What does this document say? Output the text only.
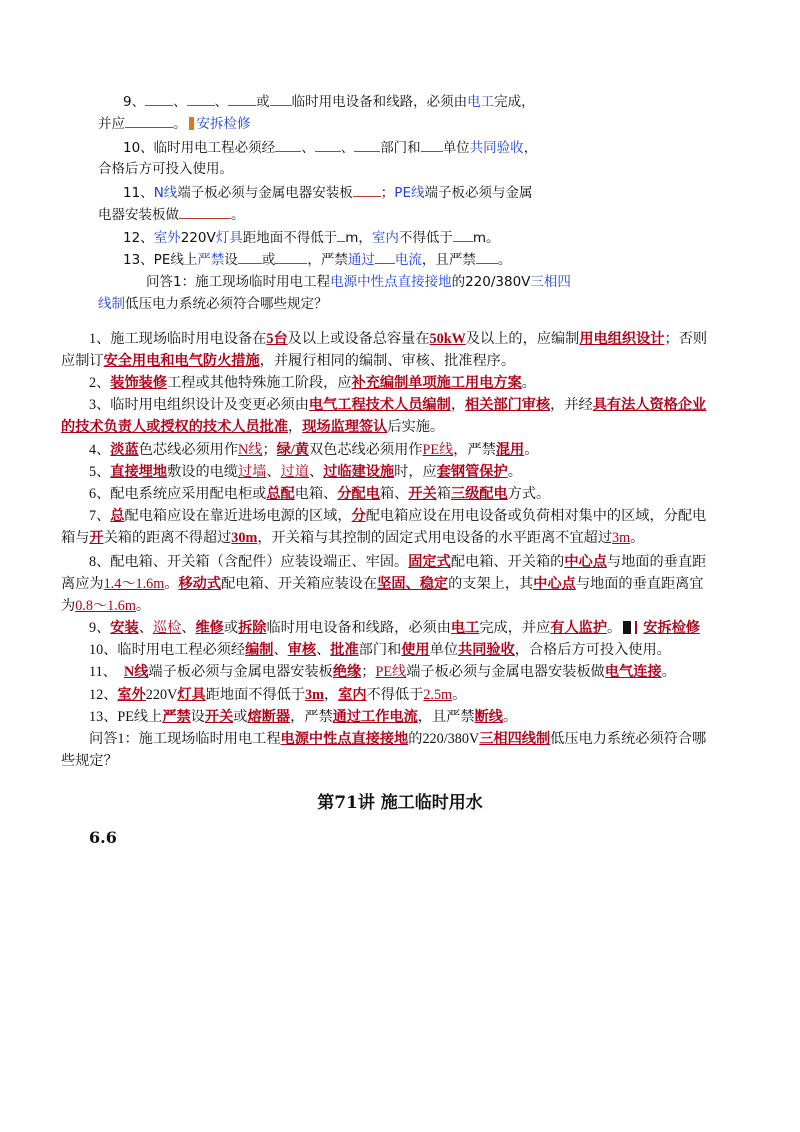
9、 、 、 或 临时用电设备和线路，必须由电工完成，
并应	。 安拆检修
10、临时用电工程必须经 、 、 部门和 单位共同验收，
合格后方可投入使用。
11、N线端子板必须与金属电器安装板 ；PE线端子板必须与金属
电器安装板做	。
12、室外220V灯具距地面不得低于 m，室内不得低于 m。
13、PE线上严禁设 或 ，严禁通过 电流，且严禁 。
问答1：施工现场临时用电工程电源中性点直接接地的220/380V三相四
线制低压电力系统必须符合哪些规定？
1、施工现场临时用电设备在5台及以上或设备总容量在50kW及以上的，应编制用电组织设计；否则
应制订安全用电和电气防火措施，并履行相同的编制、审核、批准程序。
2、装饰装修工程或其他特殊施工阶段，应补充编制单项施工用电方案。
3、临时用电组织设计及变更必须由电气工程技术人员编制，相关部门审核，并经具有法人资格企业
的技术负责人或授权的技术人员批准，现场监理签认后实施。
4、淡蓝色芯线必须用作N线；绿/黄双色芯线必须用作PE线，严禁混用。
5、直接埋地敷设的电缆过墙、过道、过临建设施时，应套钢管保护。
6、配电系统应采用配电柜或总配电箱、分配电箱、开关箱三级配电方式。
7、总配电箱应设在靠近进场电源的区域，分配电箱应设在用电设备或负荷相对集中的区域，分配电
箱与开关箱的距离不得超过30m，开关箱与其控制的固定式用电设备的水平距离不宜超过3m。
8、配电箱、开关箱（含配件）应装设端正、牢固。固定式配电箱、开关箱的中心点与地面的垂直距
离应为1.4～1.6m。移动式配电箱、开关箱应装设在坚固、稳定的支架上，其中心点与地面的垂直距离宜
为0.8～1.6m。
9、安装、巡检、维修或拆除临时用电设备和线路，必须由电工完成，并应有人监护。 安拆检修
10、临时用电工程必须经编制、审核、批准部门和使用单位共同验收，合格后方可投入使用。
11、  N线端子板必须与金属电器安装板绝缘；PE线端子板必须与金属电器安装板做电气连接。
12、室外220V灯具距地面不得低于3m，室内不得低于2.5m。
13、PE线上严禁设开关或熔断器，严禁通过工作电流，且严禁断线。
问答1：施工现场临时用电工程电源中性点直接接地的220/380V三相四线制低压电力系统必须符合哪
些规定？
第71讲 施工临时用水
6.6
